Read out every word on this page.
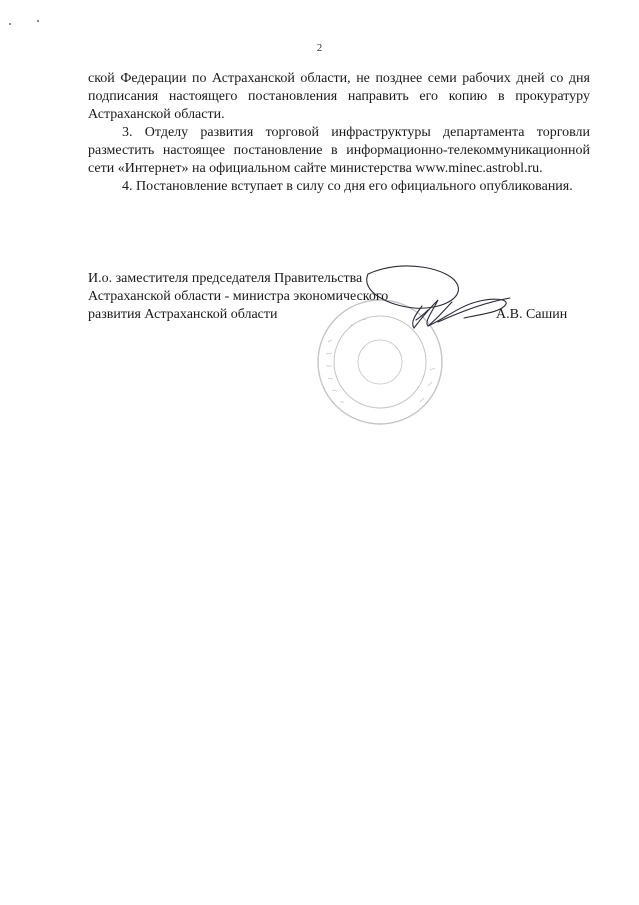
2

ской Федерации по Астраханской области, не позднее семи рабочих дней со дня подписания настоящего постановления направить его копию в прокуратуру Астраханской области.

3. Отделу развития торговой инфраструктуры департамента торговли разместить настоящее постановление в информационно-телекоммуникационной сети «Интернет» на официальном сайте министерства www.minec.astrobl.ru.

4. Постановление вступает в силу со дня его официального опубликования.

И.о. заместителя председателя Правительства
Астраханской области - министра экономического
развития Астраханской области	А.В. Сашин
